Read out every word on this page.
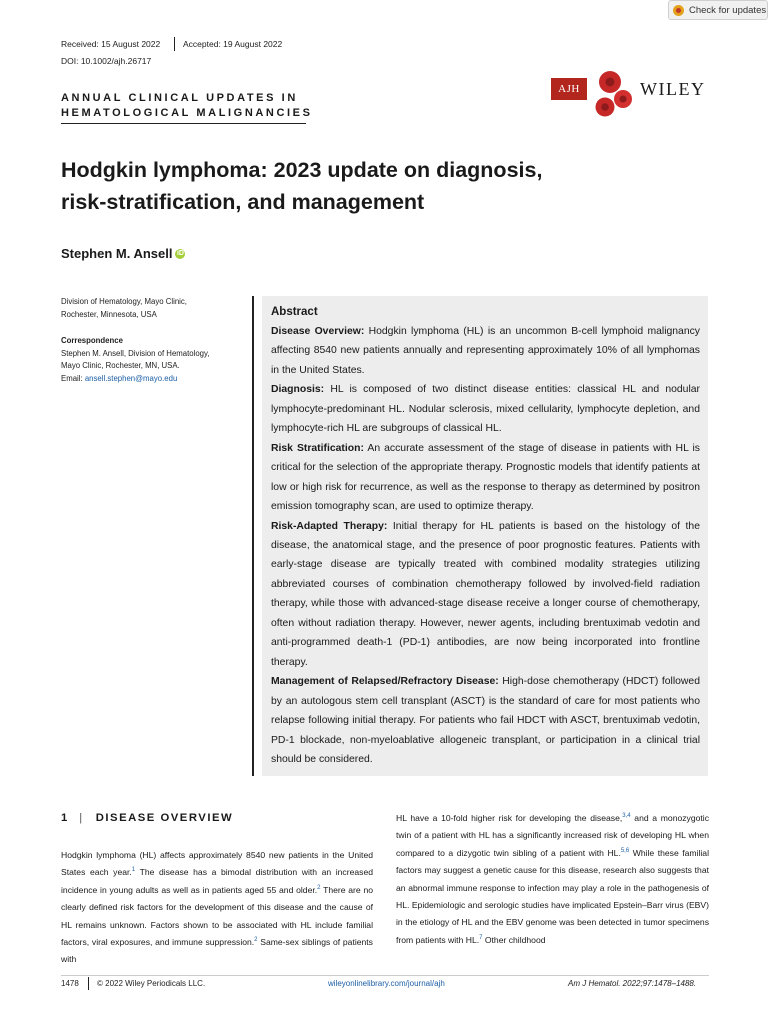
Check for updates
Received: 15 August 2022	Accepted: 19 August 2022
DOI: 10.1002/ajh.26717
ANNUAL CLINICAL UPDATES IN
HEMATOLOGICAL MALIGNANCIES
AJH	WILEY
Hodgkin lymphoma: 2023 update on diagnosis,
risk-stratification, and management
Stephen M. Ansell iD
Division of Hematology, Mayo Clinic,
Rochester, Minnesota, USA
Correspondence
Stephen M. Ansell, Division of Hematology,
Mayo Clinic, Rochester, MN, USA.
Email: ansell.stephen@mayo.edu

Abstract

Disease Overview: Hodgkin lymphoma (HL) is an uncommon B-cell lymphoid malignancy affecting 8540 new patients annually and representing approximately 10% of all lymphomas in the United States.

Diagnosis: HL is composed of two distinct disease entities: classical HL and nodular lymphocyte-predominant HL. Nodular sclerosis, mixed cellularity, lymphocyte depletion, and lymphocyte-rich HL are subgroups of classical HL.

Risk Stratification: An accurate assessment of the stage of disease in patients with HL is critical for the selection of the appropriate therapy. Prognostic models that identify patients at low or high risk for recurrence, as well as the response to therapy as determined by positron emission tomography scan, are used to optimize therapy.

Risk-Adapted Therapy: Initial therapy for HL patients is based on the histology of the disease, the anatomical stage, and the presence of poor prognostic features. Patients with early-stage disease are typically treated with combined modality strategies utilizing abbreviated courses of combination chemotherapy followed by involved-field radiation therapy, while those with advanced-stage disease receive a longer course of chemotherapy, often without radiation therapy. However, newer agents, including brentuximab vedotin and anti-programmed death-1 (PD-1) antibodies, are now being incorporated into frontline therapy.

Management of Relapsed/Refractory Disease: High-dose chemotherapy (HDCT) followed by an autologous stem cell transplant (ASCT) is the standard of care for most patients who relapse following initial therapy. For patients who fail HDCT with ASCT, brentuximab vedotin, PD-1 blockade, non-myeloablative allogeneic transplant, or participation in a clinical trial should be considered.

1 | DISEASE OVERVIEW

Hodgkin lymphoma (HL) affects approximately 8540 new patients in the United States each year.$^1$ The disease has a bimodal distribution with an increased incidence in young adults as well as in patients aged 55 and older.$^2$ There are no clearly defined risk factors for the development of this disease and the cause of HL remains unknown. Factors shown to be associated with HL include familial factors, viral exposures, and immune suppression.$^2$ Same-sex siblings of patients with

HL have a 10-fold higher risk for developing the disease,$^{3,4}$ and a monozygotic twin of a patient with HL has a significantly increased risk of developing HL when compared to a dizygotic twin sibling of a patient with HL.$^{5,6}$ While these familial factors may suggest a genetic cause for this disease, research also suggests that an abnormal immune response to infection may play a role in the pathogenesis of HL. Epidemiologic and serologic studies have implicated Epstein–Barr virus (EBV) in the etiology of HL and the EBV genome was been detected in tumor specimens from patients with HL.$^7$ Other childhood

1478 © 2022 Wiley Periodicals LLC.	wileyonlinelibrary.com/journal/ajh	Am J Hematol. 2022;97:1478–1488.
